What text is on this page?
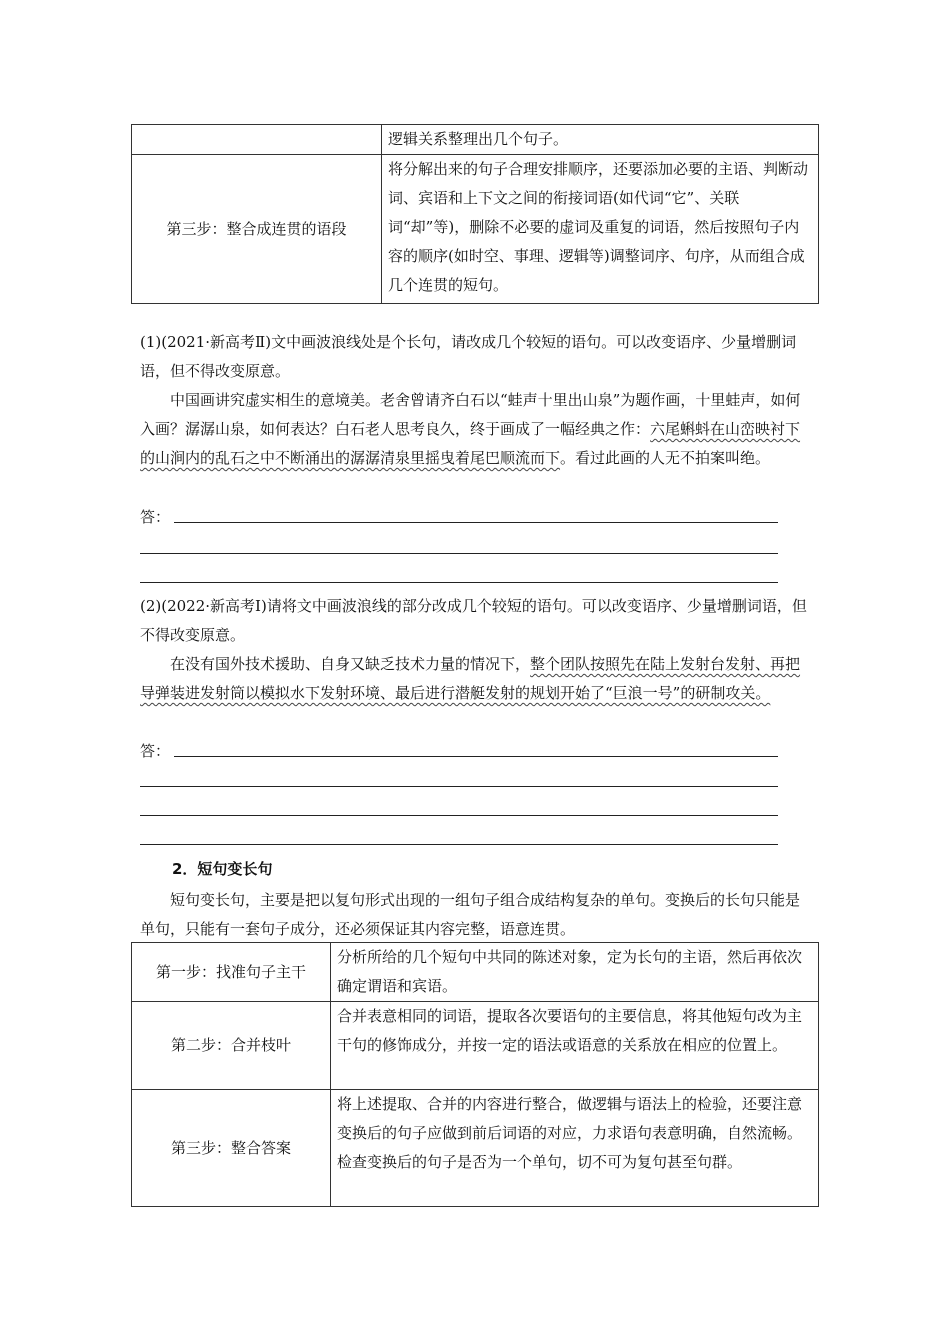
	逻辑关系整理出几个句子。
第三步：整合成连贯的语段	将分解出来的句子合理安排顺序，还要添加必要的主语、判断动词、宾语和上下文之间的衔接词语(如代词“它”、关联词“却”等)，删除不必要的虚词及重复的词语，然后按照句子内容的顺序(如时空、事理、逻辑等)调整词序、句序，从而组合成几个连贯的短句。
(1)(2021·新高考Ⅱ)文中画波浪线处是个长句，请改成几个较短的语句。可以改变语序、少量增删词语，但不得改变原意。
中国画讲究虚实相生的意境美。老舍曾请齐白石以“蛙声十里出山泉”为题作画，十里蛙声，如何入画？潺潺山泉，如何表达？白石老人思考良久，终于画成了一幅经典之作：六尾蝌蚪在山峦映衬下的山涧内的乱石之中不断涌出的潺潺清泉里摇曳着尾巴顺流而下。看过此画的人无不拍案叫绝。
答：
(2)(2022·新高考Ⅰ)请将文中画波浪线的部分改成几个较短的语句。可以改变语序、少量增删词语，但不得改变原意。
在没有国外技术援助、自身又缺乏技术力量的情况下，整个团队按照先在陆上发射台发射、再把导弹装进发射筒以模拟水下发射环境、最后进行潜艇发射的规划开始了“巨浪一号”的研制攻关。
答：
2．短句变长句
短句变长句，主要是把以复句形式出现的一组句子组合成结构复杂的单句。变换后的长句只能是单句，只能有一套句子成分，还必须保证其内容完整，语意连贯。
第一步：找准句子主干	分析所给的几个短句中共同的陈述对象，定为长句的主语，然后再依次确定谓语和宾语。
第二步：合并枝叶	合并表意相同的词语，提取各次要语句的主要信息，将其他短句改为主干句的修饰成分，并按一定的语法或语意的关系放在相应的位置上。
第三步：整合答案	将上述提取、合并的内容进行整合，做逻辑与语法上的检验，还要注意变换后的句子应做到前后词语的对应，力求语句表意明确，自然流畅。检查变换后的句子是否为一个单句，切不可为复句甚至句群。
